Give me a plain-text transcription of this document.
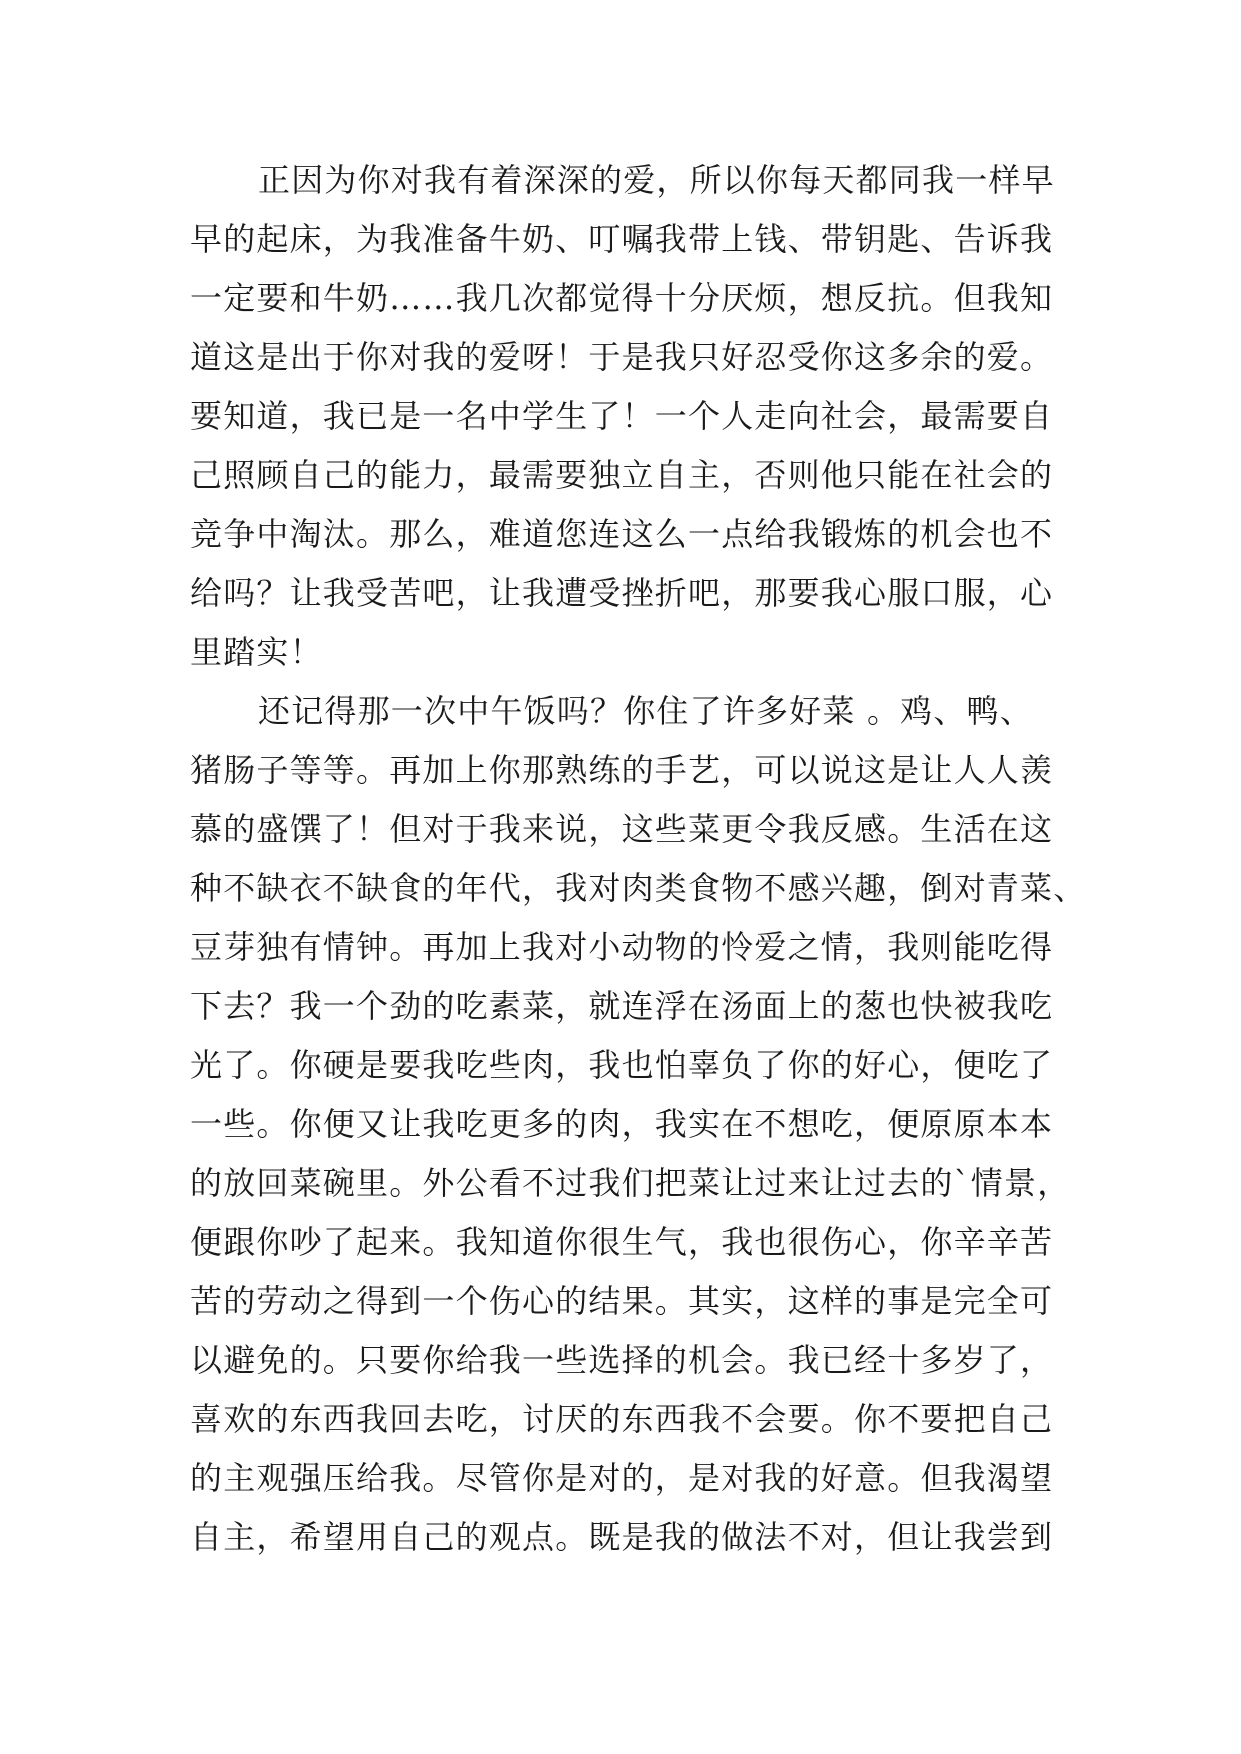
正因为你对我有着深深的爱，所以你每天都同我一样早
早的起床，为我准备牛奶、叮嘱我带上钱、带钥匙、告诉我
一定要和牛奶……我几次都觉得十分厌烦，想反抗。但我知
道这是出于你对我的爱呀！于是我只好忍受你这多余的爱。
要知道，我已是一名中学生了！一个人走向社会，最需要自
己照顾自己的能力，最需要独立自主，否则他只能在社会的
竞争中淘汰。那么，难道您连这么一点给我锻炼的机会也不
给吗？让我受苦吧，让我遭受挫折吧，那要我心服口服，心
里踏实！
还记得那一次中午饭吗？你住了许多好菜 。鸡、鸭、
猪肠子等等。再加上你那熟练的手艺，可以说这是让人人羡
慕的盛馔了！但对于我来说，这些菜更令我反感。生活在这
种不缺衣不缺食的年代，我对肉类食物不感兴趣，倒对青菜、
豆芽独有情钟。再加上我对小动物的怜爱之情，我则能吃得
下去？我一个劲的吃素菜，就连浮在汤面上的葱也快被我吃
光了。你硬是要我吃些肉，我也怕辜负了你的好心，便吃了
一些。你便又让我吃更多的肉，我实在不想吃，便原原本本
的放回菜碗里。外公看不过我们把菜让过来让过去的`情景，
便跟你吵了起来。我知道你很生气，我也很伤心，你辛辛苦
苦的劳动之得到一个伤心的结果。其实，这样的事是完全可
以避免的。只要你给我一些选择的机会。我已经十多岁了，
喜欢的东西我回去吃，讨厌的东西我不会要。你不要把自己
的主观强压给我。尽管你是对的，是对我的好意。但我渴望
自主，希望用自己的观点。既是我的做法不对，但让我尝到
